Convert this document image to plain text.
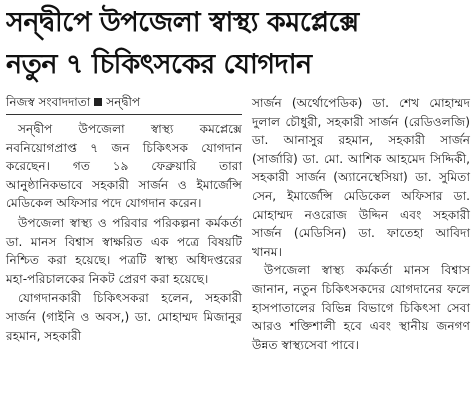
সন্দ্বীপে উপজেলা স্বাস্থ্য কমপ্লেক্সে
নতুন ৭ চিকিৎসকের যোগদান
নিজস্ব সংবাদদাতা সন্দ্বীপ

সন্দ্বীপ উপজেলা স্বাস্থ্য কমপ্লেক্সে নবনিয়োগপ্রাপ্ত ৭ জন চিকিৎসক যোগদান করেছেন। গত ১৯ ফেব্রুয়ারি তারা আনুষ্ঠানিকভাবে সহকারী সার্জন ও ইমার্জেন্সি মেডিকেল অফিসার পদে যোগদান করেন।

উপজেলা স্বাস্থ্য ও পরিবার পরিকল্পনা কর্মকর্তা ডা. মানস বিশ্বাস স্বাক্ষরিত এক পত্রে বিষয়টি নিশ্চিত করা হয়েছে। পত্রটি স্বাস্থ্য অধিদপ্তরের মহা-পরিচালকের নিকট প্রেরণ করা হয়েছে।

যোগদানকারী চিকিৎসকরা হলেন, সহকারী সার্জন (গাইনি ও অবস,) ডা. মোহাম্মদ মিজানুর রহমান, সহকারী

সার্জন (অর্থোপেডিক) ডা. শেখ মোহাম্মদ দুলাল চৌধুরী, সহকারী সার্জন (রেডিওলজি) ডা. আনাসুর রহমান, সহকারী সার্জন (সার্জারি) ডা. মো. আশিক আহমেদ সিদ্দিকী, সহকারী সার্জন (অ্যানেস্থেসিয়া) ডা. সুমিতা সেন, ইমার্জেন্সি মেডিকেল অফিসার ডা. মোহাম্মদ নওরোজ উদ্দিন এবং সহকারী সার্জন (মেডিসিন) ডা. ফাতেহা আবিদা খানম।

উপজেলা স্বাস্থ্য কর্মকর্তা মানস বিশ্বাস জানান, নতুন চিকিৎসকদের যোগদানের ফলে হাসপাতালের বিভিন্ন বিভাগে চিকিৎসা সেবা আরও শক্তিশালী হবে এবং স্থানীয় জনগণ উন্নত স্বাস্থ্যসেবা পাবে।
